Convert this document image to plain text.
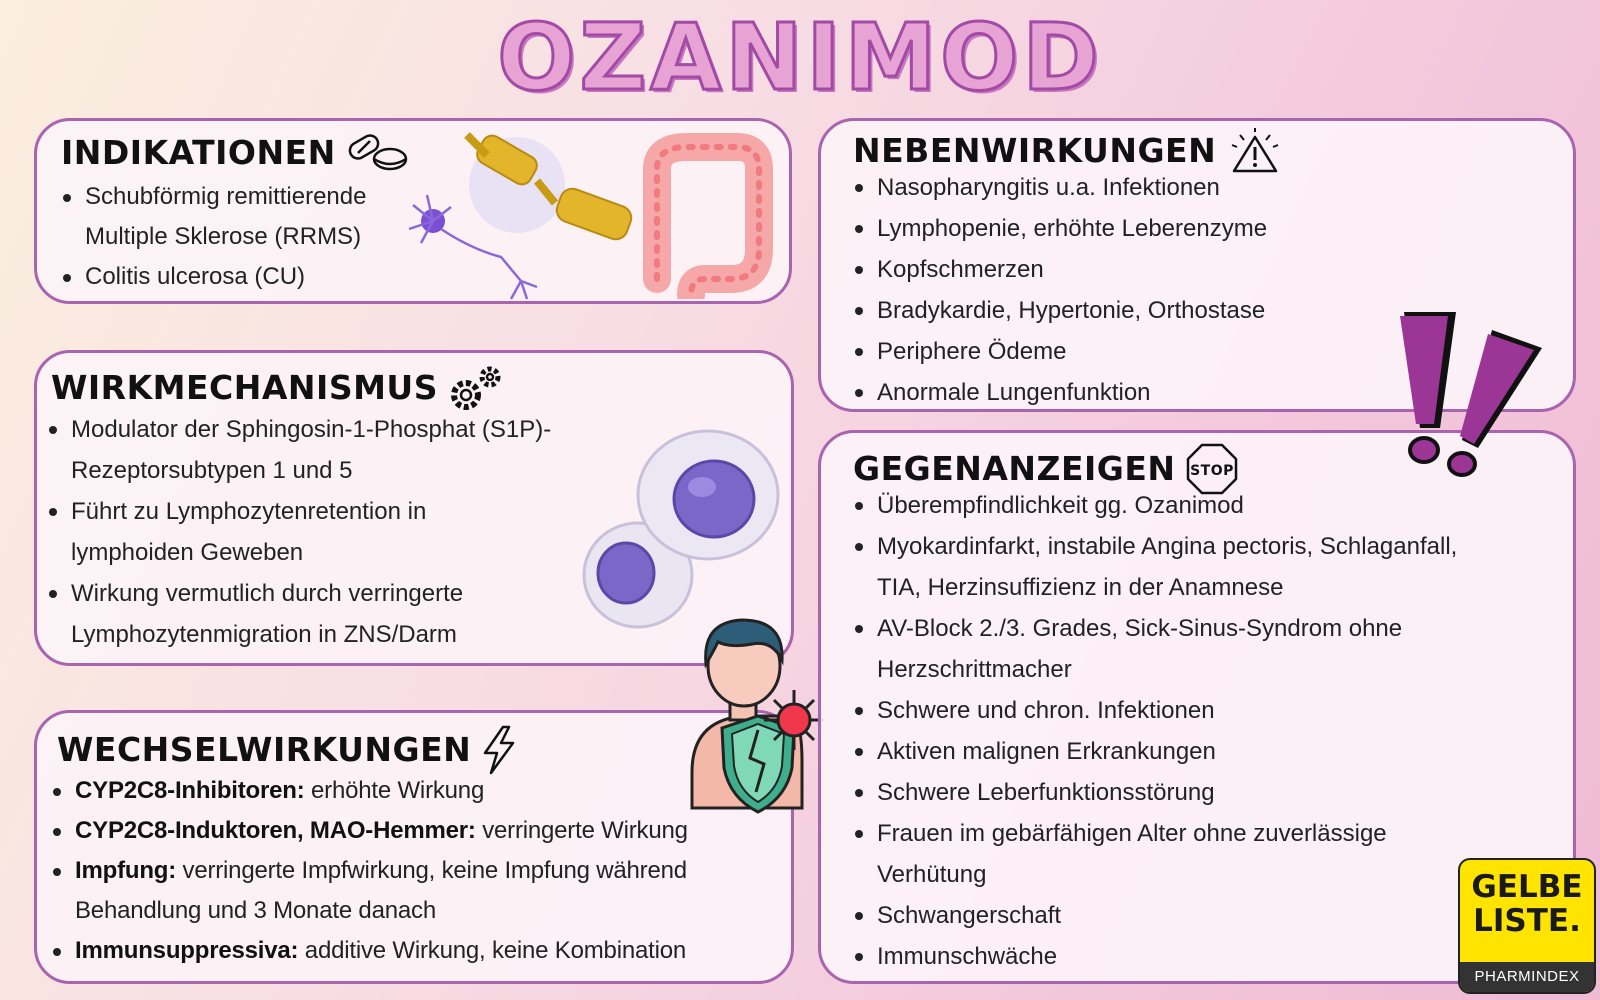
OZANIMOD
INDIKATIONEN
Schubförmig remittierende
Multiple Sklerose (RRMS)
Colitis ulcerosa (CU)
WIRKMECHANISMUS
Modulator der Sphingosin-1-Phosphat (S1P)-
Rezeptorsubtypen 1 und 5
Führt zu Lymphozytenretention in
lymphoiden Geweben
Wirkung vermutlich durch verringerte
Lymphozytenmigration in ZNS/Darm
WECHSELWIRKUNGEN
CYP2C8-Inhibitoren: erhöhte Wirkung
CYP2C8-Induktoren, MAO-Hemmer: verringerte Wirkung
Impfung: verringerte Impfwirkung, keine Impfung während
Behandlung und 3 Monate danach
Immunsuppressiva: additive Wirkung, keine Kombination
NEBENWIRKUNGEN
Nasopharyngitis u.a. Infektionen
Lymphopenie, erhöhte Leberenzyme
Kopfschmerzen
Bradykardie, Hypertonie, Orthostase
Periphere Ödeme
Anormale Lungenfunktion
GEGENANZEIGEN STOP
Überempfindlichkeit gg. Ozanimod
Myokardinfarkt, instabile Angina pectoris, Schlaganfall,
TIA, Herzinsuffizienz in der Anamnese
AV-Block 2./3. Grades, Sick-Sinus-Syndrom ohne
Herzschrittmacher
Schwere und chron. Infektionen
Aktiven malignen Erkrankungen
Schwere Leberfunktionsstörung
Frauen im gebärfähigen Alter ohne zuverlässige
Verhütung
Schwangerschaft
Immunschwäche
GELBE
LISTE.
PHARMINDEX
